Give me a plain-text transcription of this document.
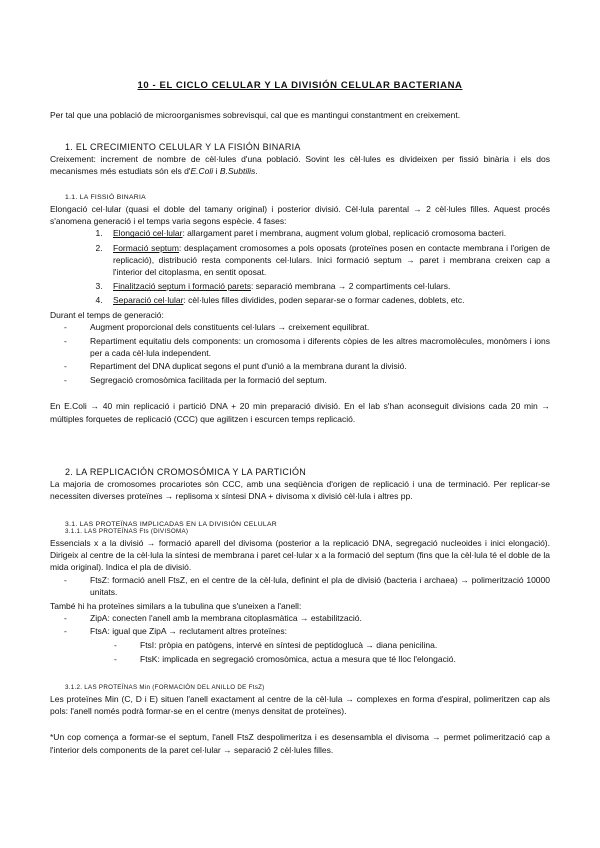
10 - EL CICLO CELULAR Y LA DIVISIÓN CELULAR BACTERIANA

Per tal que una població de microorganismes sobrevisqui, cal que es mantingui constantment en creixement.

1. EL CRECIMIENTO CELULAR Y LA FISIÓN BINARIA

Creixement: increment de nombre de cèl·lules d'una població. Sovint les cèl·lules es divideixen per fissió binària i els dos mecanismes més estudiats són els d'E.Coli i B.Subtilis.

1.1. LA FISSIÓ BINARIA

Elongació cel·lular (quasi el doble del tamany original) i posterior divisió. Cèl·lula parental → 2 cèl·lules filles. Aquest procés s'anomena generació i el temps varia segons espècie. 4 fases:

1. Elongació cel·lular: allargament paret i membrana, augment volum global, replicació cromosoma bacteri.
2. Formació septum: desplaçament cromosomes a pols oposats (proteïnes posen en contacte membrana i l'origen de replicació), distribució resta components cel·lulars. Inici formació septum → paret i membrana creixen cap a l'interior del citoplasma, en sentit oposat.
3. Finalització septum i formació parets: separació membrana → 2 compartiments cel·lulars.
4. Separació cel·lular: cèl·lules filles dividides, poden separar-se o formar cadenes, doblets, etc.

Durant el temps de generació:

- Augment proporcional dels constituents cel·lulars → creixement equilibrat.
- Repartiment equitatiu dels components: un cromosoma i diferents còpies de les altres macromolècules, monòmers i ions per a cada cèl·lula independent.
- Repartiment del DNA duplicat segons el punt d'unió a la membrana durant la divisió.
- Segregació cromosòmica facilitada per la formació del septum.

En E.Coli → 40 min replicació i partició DNA + 20 min preparació divisió. En el lab s'han aconseguit divisions cada 20 min → múltiples forquetes de replicació (CCC) que agilitzen i escurcen temps replicació.

2. LA REPLICACIÓN CROMOSÓMICA Y LA PARTICIÓN

La majoria de cromosomes procariotes són CCC, amb una seqüència d'origen de replicació i una de terminació. Per replicar-se necessiten diverses proteïnes → replisoma x síntesi DNA + divisoma x divisió cèl·lula i altres pp.

3.1. LAS PROTEÏNAS IMPLICADAS EN LA DIVISIÓN CELULAR

3.1.1. LAS PROTEÏNAS Fts (DIVISOMA)

Essencials x a la divisió → formació aparell del divisoma (posterior a la replicació DNA, segregació nucleoides i inici elongació). Dirigeix al centre de la cèl·lula la síntesi de membrana i paret cel·lular x a la formació del septum (fins que la cèl·lula té el doble de la mida original). Indica el pla de divisió.

- FtsZ: formació anell FtsZ, en el centre de la cèl·lula, definint el pla de divisió (bacteria i archaea) → polimerització 10000 unitats.

També hi ha proteïnes similars a la tubulina que s'uneixen a l'anell:

- ZipA: conecten l'anell amb la membrana citoplasmàtica → estabilització.
- FtsA: igual que ZipA → reclutament altres proteïnes:
- FtsI: pròpia en patògens, intervé en síntesi de peptidoglucà → diana penicilina.
- FtsK: implicada en segregació cromosòmica, actua a mesura que té lloc l'elongació.

3.1.2. LAS PROTEÏNAS Min (FORMACIÓN DEL ANILLO DE FtsZ)

Les proteïnes Min (C, D i E) situen l'anell exactament al centre de la cèl·lula → complexes en forma d'espiral, polimeritzen cap als pols: l'anell només podrà formar-se en el centre (menys densitat de proteïnes).

*Un cop comença a formar-se el septum, l'anell FtsZ despolimeritza i es desensambla el divisoma → permet polimerització cap a l'interior dels components de la paret cel·lular → separació 2 cèl·lules filles.
